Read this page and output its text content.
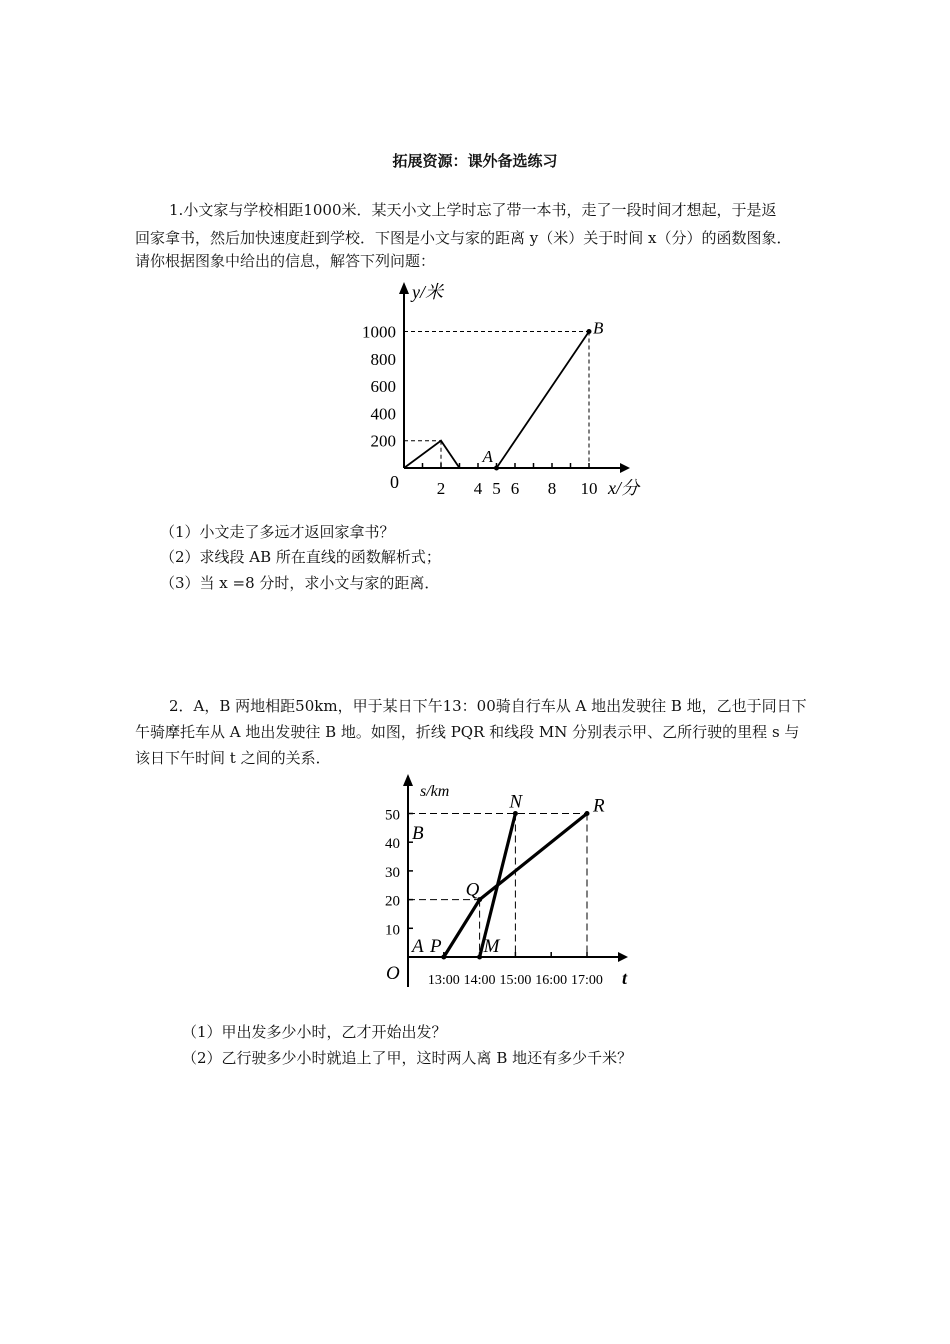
拓展资源：课外备选练习
1.小文家与学校相距1000米．某天小文上学时忘了带一本书，走了一段时间才想起，于是返
回家拿书，然后加快速度赶到学校．下图是小文与家的距离 y（米）关于时间 x（分）的函数图象．
请你根据图象中给出的信息，解答下列问题：
y/米
x/分
0
1000
800
600
400
200
2 4 5 6 8 10
A
B
（1）小文走了多远才返回家拿书？
（2）求线段 AB 所在直线的函数解析式；
（3）当 x =8 分时，求小文与家的距离．
2．A，B 两地相距50km，甲于某日下午13：00骑自行车从 A 地出发驶往 B 地，乙也于同日下
午骑摩托车从 A 地出发驶往 B 地。如图，折线 PQR 和线段 MN 分别表示甲、乙所行驶的里程 s 与
该日下午时间 t 之间的关系．
s/km
t
O
50
40
30
20
10
13:00 14:00 15:00 16:00 17:00
B
A P
Q
R
M
N
（1）甲出发多少小时，乙才开始出发？
（2）乙行驶多少小时就追上了甲，这时两人离 B 地还有多少千米？
